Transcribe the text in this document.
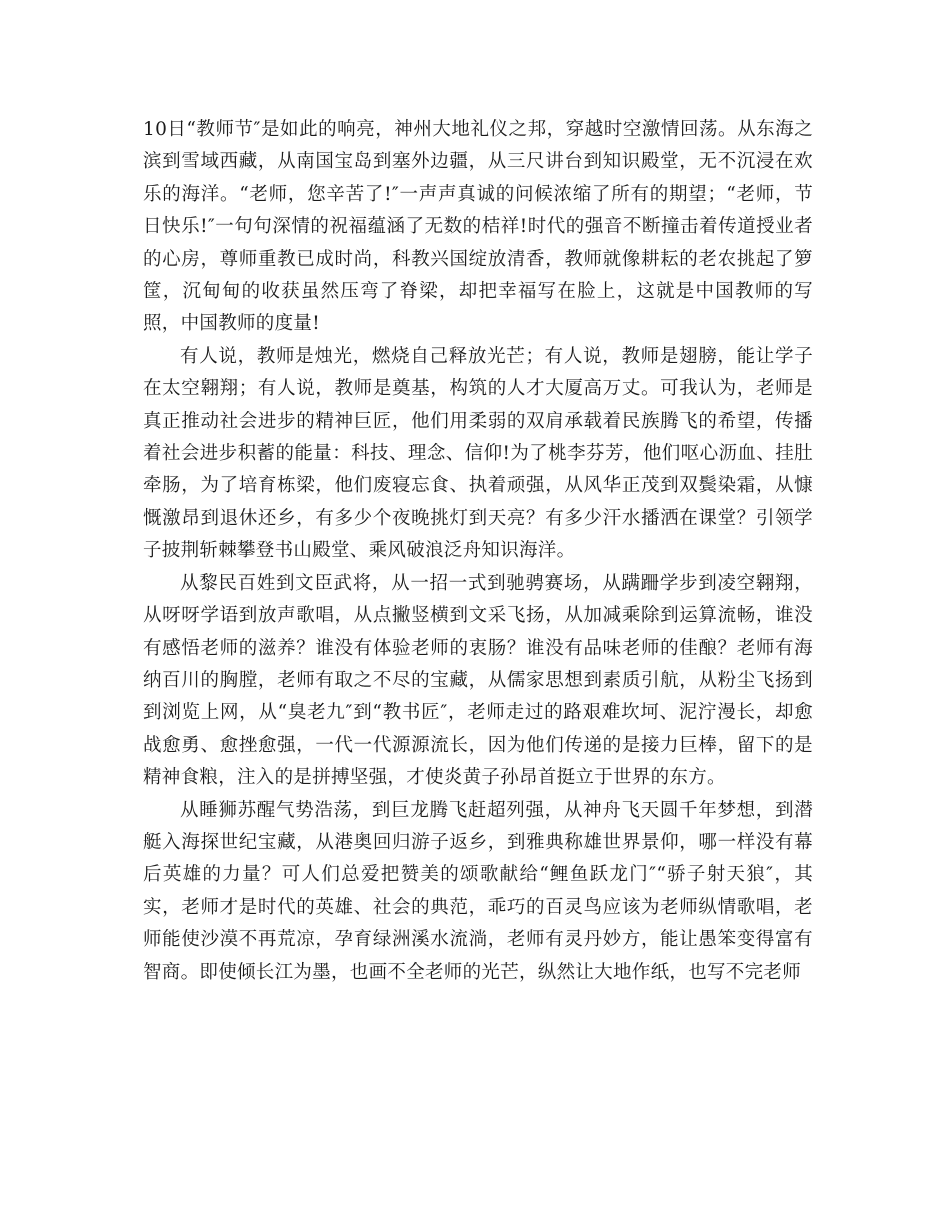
10日“教师节″是如此的响亮，神州大地礼仪之邦，穿越时空激情回荡。从东海之滨到雪域西藏，从南国宝岛到塞外边疆，从三尺讲台到知识殿堂，无不沉浸在欢乐的海洋。“老师，您辛苦了!″一声声真诚的问候浓缩了所有的期望；“老师，节日快乐!″一句句深情的祝福蕴涵了无数的桔祥!时代的强音不断撞击着传道授业者的心房，尊师重教已成时尚，科教兴国绽放清香，教师就像耕耘的老农挑起了箩筐，沉甸甸的收获虽然压弯了脊梁，却把幸福写在脸上，这就是中国教师的写照，中国教师的度量!

有人说，教师是烛光，燃烧自己释放光芒；有人说，教师是翅膀，能让学子在太空翱翔；有人说，教师是奠基，构筑的人才大厦高万丈。可我认为，老师是真正推动社会进步的精神巨匠，他们用柔弱的双肩承载着民族腾飞的希望，传播着社会进步积蓄的能量：科技、理念、信仰!为了桃李芬芳，他们呕心沥血、挂肚牵肠，为了培育栋梁，他们废寝忘食、执着顽强，从风华正茂到双鬓染霜，从慷慨激昂到退休还乡，有多少个夜晚挑灯到天亮？有多少汗水播洒在课堂？引领学子披荆斩棘攀登书山殿堂、乘风破浪泛舟知识海洋。

从黎民百姓到文臣武将，从一招一式到驰骋赛场，从蹒跚学步到凌空翱翔，从呀呀学语到放声歌唱，从点撇竖横到文采飞扬，从加减乘除到运算流畅，谁没有感悟老师的滋养？谁没有体验老师的衷肠？谁没有品味老师的佳酿？老师有海纳百川的胸膛，老师有取之不尽的宝藏，从儒家思想到素质引航，从粉尘飞扬到到浏览上网，从“臭老九″到“教书匠″，老师走过的路艰难坎坷、泥泞漫长，却愈战愈勇、愈挫愈强，一代一代源源流长，因为他们传递的是接力巨棒，留下的是精神食粮，注入的是拼搏坚强，才使炎黄子孙昂首挺立于世界的东方。

从睡狮苏醒气势浩荡，到巨龙腾飞赶超列强，从神舟飞天圆千年梦想，到潜艇入海探世纪宝藏，从港奥回归游子返乡，到雅典称雄世界景仰，哪一样没有幕后英雄的力量？可人们总爱把赞美的颂歌献给“鲤鱼跃龙门″“骄子射天狼″，其实，老师才是时代的英雄、社会的典范，乖巧的百灵鸟应该为老师纵情歌唱，老师能使沙漠不再荒凉，孕育绿洲溪水流淌，老师有灵丹妙方，能让愚笨变得富有智商。即使倾长江为墨，也画不全老师的光芒，纵然让大地作纸，也写不完老师
